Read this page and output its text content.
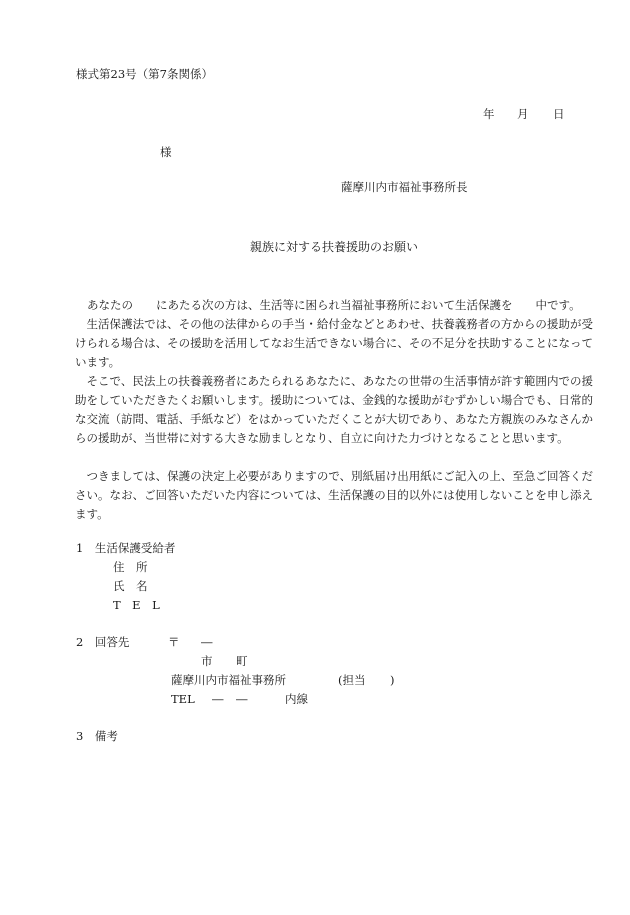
様式第23号（第7条関係）
年 月 日
様
薩摩川内市福祉事務所長
親族に対する扶養援助のお願い

あなたの　　にあたる次の方は、生活等に困られ当福祉事務所において生活保護を　　中です。

　生活保護法では、その他の法律からの手当・給付金などとあわせ、扶養義務者の方からの援助が受けられる場合は、その援助を活用してなお生活できない場合に、その不足分を扶助することになっています。

　そこで、民法上の扶養義務者にあたられるあなたに、あなたの世帯の生活事情が許す範囲内での援助をしていただきたくお願いします。援助については、金銭的な援助がむずかしい場合でも、日常的な交流（訪問、電話、手紙など）をはかっていただくことが大切であり、あなた方親族のみなさんからの援助が、当世帯に対する大きな励ましとなり、自立に向けた力づけとなることと思います。

　つきましては、保護の決定上必要がありますので、別紙届け出用紙にご記入の上、至急ご回答ください。なお、ご回答いただいた内容については、生活保護の目的以外には使用しないことを申し添えます。

1　生活保護受給者
住　所
氏　名
T　E　L
2　回答先	〒 ―
市 町
薩摩川内市福祉事務所	(担当 )
TEL ― ―	内線
3　備考
